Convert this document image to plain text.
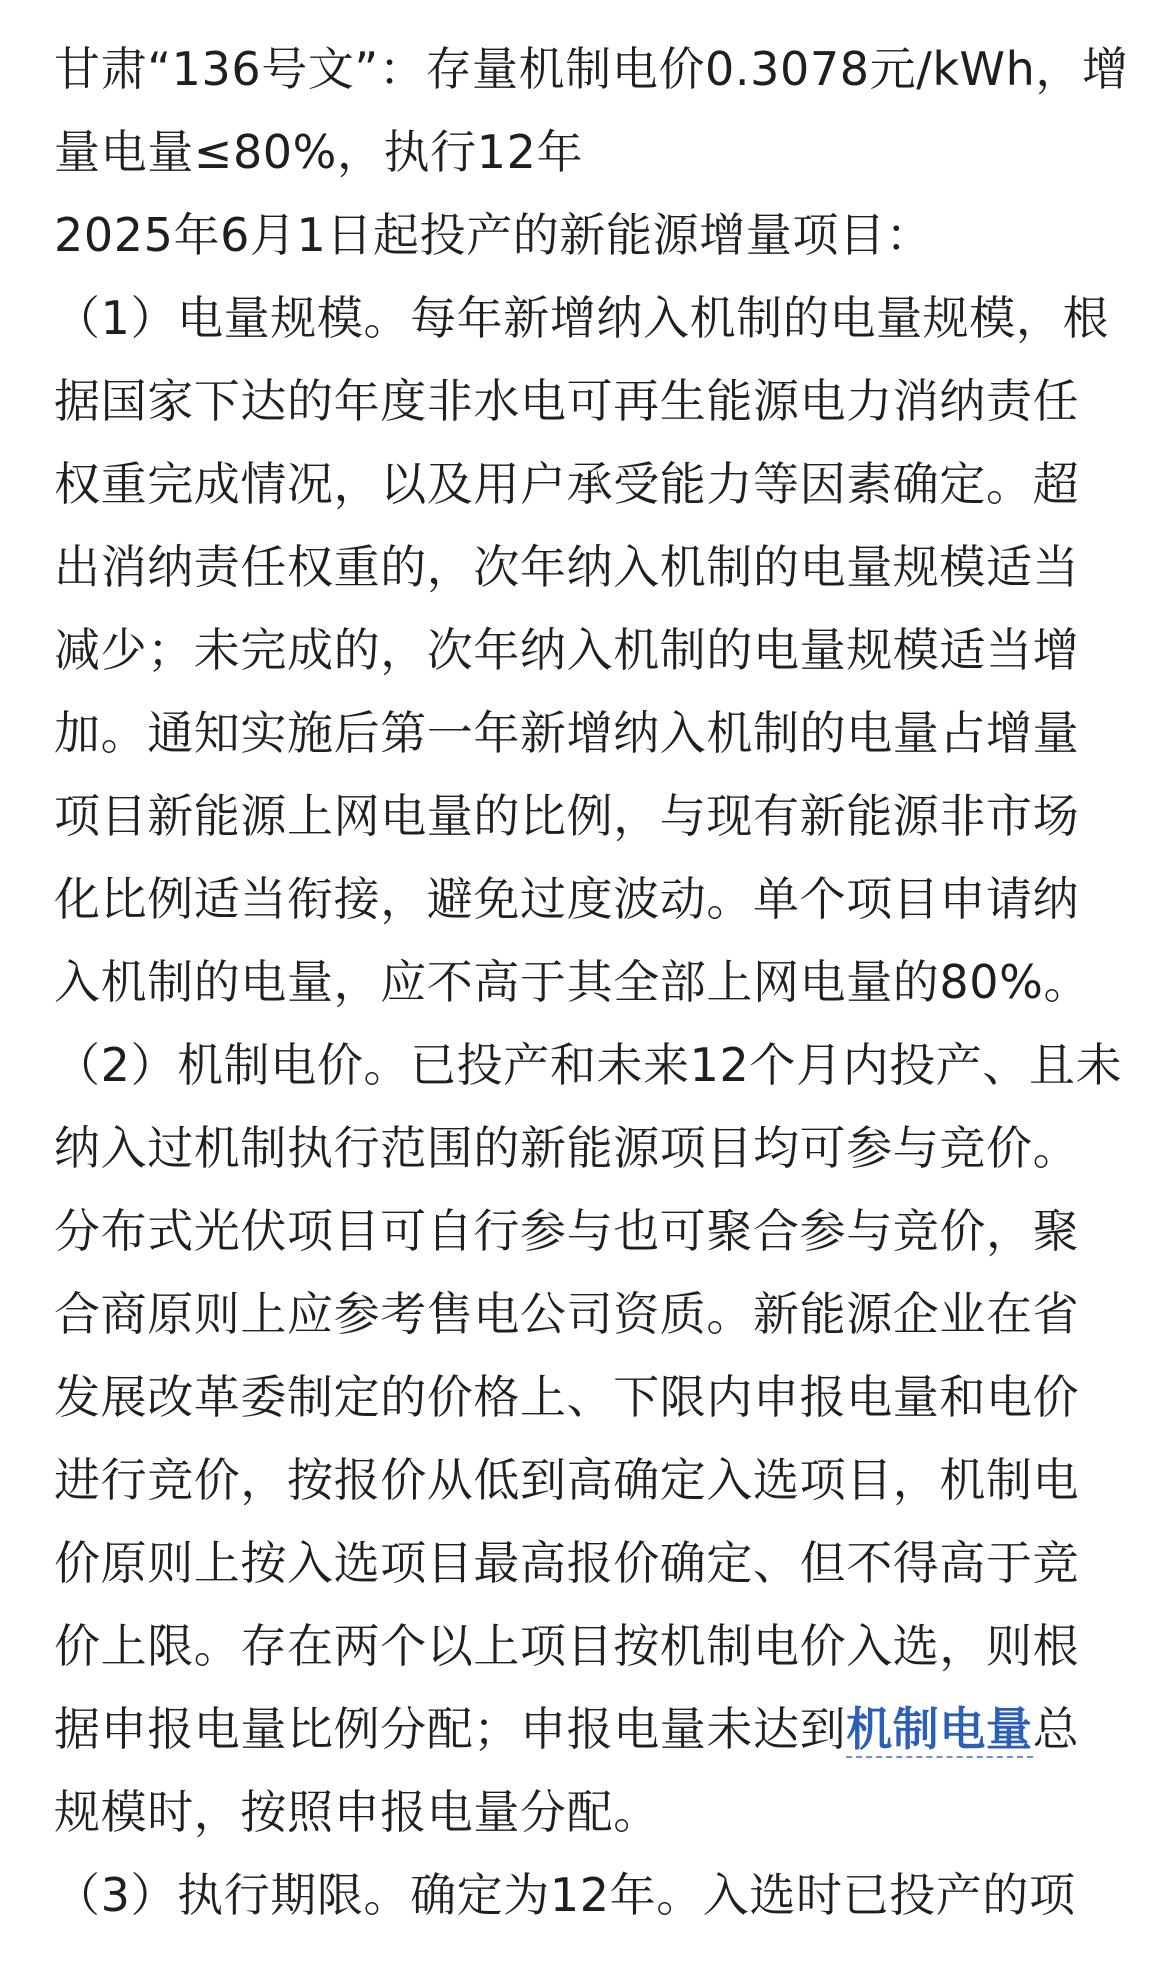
甘肃“136号文”：存量机制电价0.3078元/kWh，增
量电量≤80%，执行12年
2025年6月1日起投产的新能源增量项目：
（1）电量规模。每年新增纳入机制的电量规模，根
据国家下达的年度非水电可再生能源电力消纳责任
权重完成情况，以及用户承受能力等因素确定。超
出消纳责任权重的，次年纳入机制的电量规模适当
减少；未完成的，次年纳入机制的电量规模适当增
加。通知实施后第一年新增纳入机制的电量占增量
项目新能源上网电量的比例，与现有新能源非市场
化比例适当衔接，避免过度波动。单个项目申请纳
入机制的电量，应不高于其全部上网电量的80%。
（2）机制电价。已投产和未来12个月内投产、且未
纳入过机制执行范围的新能源项目均可参与竞价。
分布式光伏项目可自行参与也可聚合参与竞价，聚
合商原则上应参考售电公司资质。新能源企业在省
发展改革委制定的价格上、下限内申报电量和电价
进行竞价，按报价从低到高确定入选项目，机制电
价原则上按入选项目最高报价确定、但不得高于竞
价上限。存在两个以上项目按机制电价入选，则根
据申报电量比例分配；申报电量未达到机制电量总
规模时，按照申报电量分配。
（3）执行期限。确定为12年。入选时已投产的项
